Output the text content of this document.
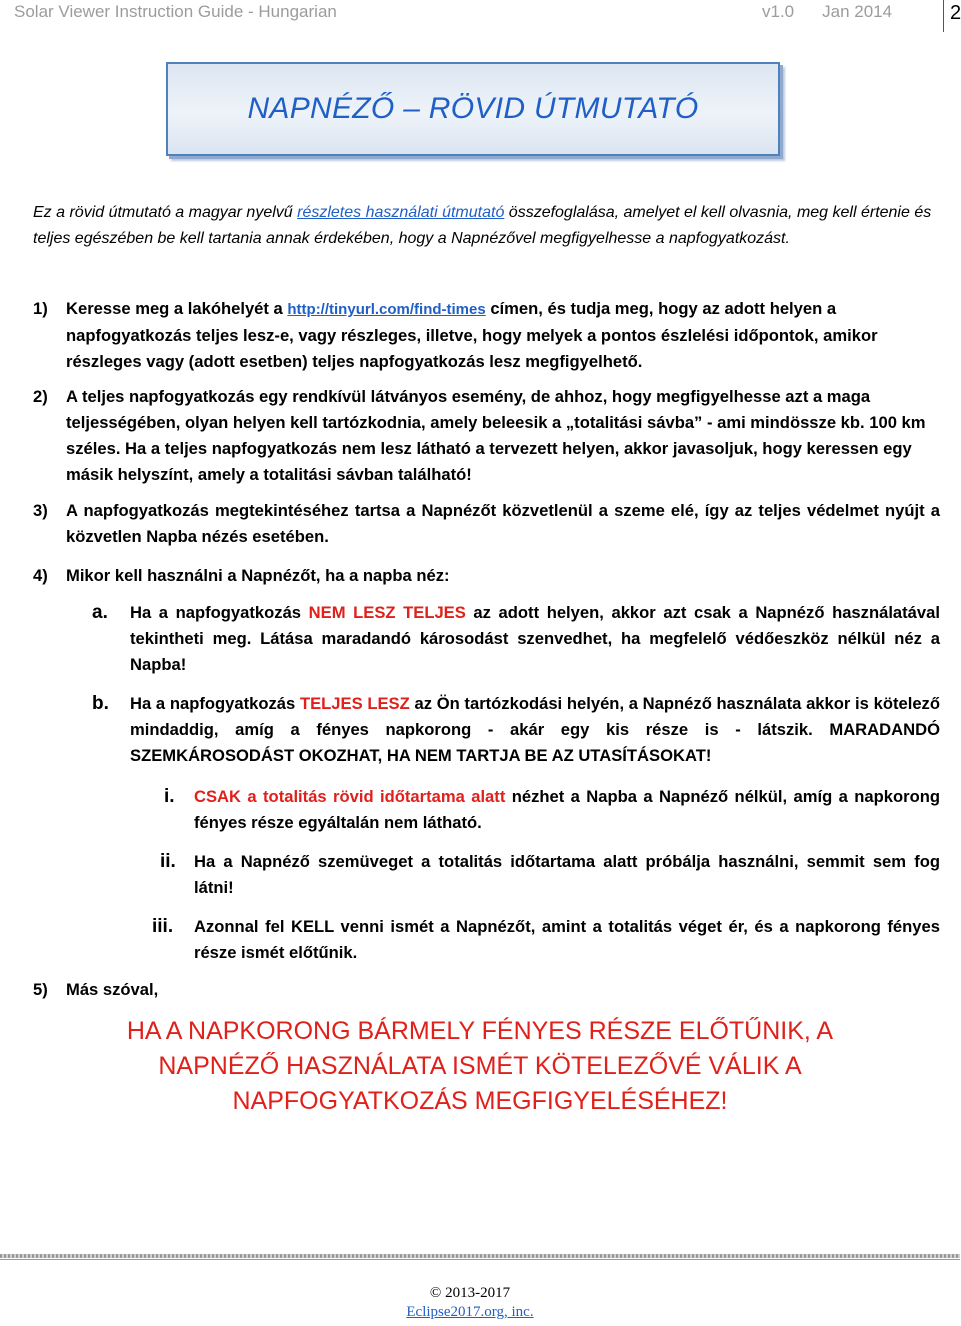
Solar Viewer Instruction Guide - Hungarian	v1.0 Jan 2014	2
NAPNÉZŐ – RÖVID ÚTMUTATÓ
Ez a rövid útmutató a magyar nyelvű részletes használati útmutató összefoglalása, amelyet el kell olvasnia, meg kell értenie és teljes egészében be kell tartania annak érdekében, hogy a Napnézővel megfigyelhesse a napfogyatkozást.
1) Keresse meg a lakóhelyét a http://tinyurl.com/find-times címen, és tudja meg, hogy az adott helyen a napfogyatkozás teljes lesz-e, vagy részleges, illetve, hogy melyek a pontos észlelési időpontok, amikor részleges vagy (adott esetben) teljes napfogyatkozás lesz megfigyelhető.
2) A teljes napfogyatkozás egy rendkívül látványos esemény, de ahhoz, hogy megfigyelhesse azt a maga teljességében, olyan helyen kell tartózkodnia, amely beleesik a „totalitási sávba” - ami mindössze kb. 100 km széles. Ha a teljes napfogyatkozás nem lesz látható a tervezett helyen, akkor javasoljuk, hogy keressen egy másik helyszínt, amely a totalitási sávban található!
3) A napfogyatkozás megtekintéséhez tartsa a Napnézőt közvetlenül a szeme elé, így az teljes védelmet nyújt a közvetlen Napba nézés esetében.
4) Mikor kell használni a Napnézőt, ha a napba néz:
a. Ha a napfogyatkozás NEM LESZ TELJES az adott helyen, akkor azt csak a Napnéző használatával tekintheti meg. Látása maradandó károsodást szenvedhet, ha megfelelő védőeszköz nélkül néz a Napba!
b. Ha a napfogyatkozás TELJES LESZ az Ön tartózkodási helyén, a Napnéző használata akkor is kötelező mindaddig, amíg a fényes napkorong - akár egy kis része is - látszik. MARADANDÓ SZEMKÁROSODÁST OKOZHAT, HA NEM TARTJA BE AZ UTASÍTÁSOKAT!
i. CSAK a totalitás rövid időtartama alatt nézhet a Napba a Napnéző nélkül, amíg a napkorong fényes része egyáltalán nem látható.
ii. Ha a Napnéző szemüveget a totalitás időtartama alatt próbálja használni, semmit sem fog látni!
iii. Azonnal fel KELL venni ismét a Napnézőt, amint a totalitás véget ér, és a napkorong fényes része ismét előtűnik.
5) Más szóval,
HA A NAPKORONG BÁRMELY FÉNYES RÉSZE ELŐTŰNIK, A NAPNÉZŐ HASZNÁLATA ISMÉT KÖTELEZŐVÉ VÁLIK A NAPFOGYATKOZÁS MEGFIGYELÉSÉHEZ!
© 2013-2017
Eclipse2017.org, inc.
